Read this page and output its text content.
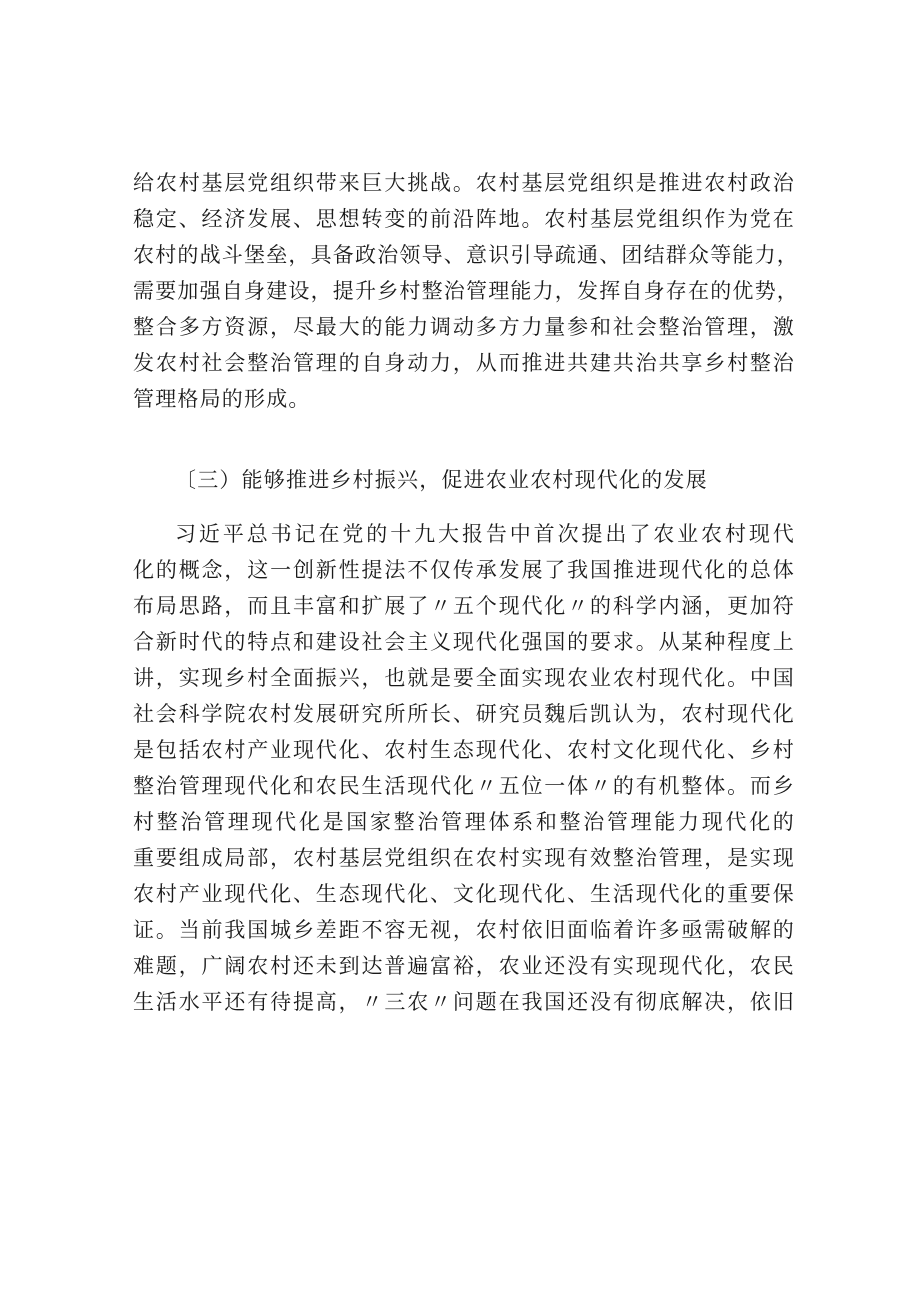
给农村基层党组织带来巨大挑战。农村基层党组织是推进农村政治
稳定、经济发展、思想转变的前沿阵地。农村基层党组织作为党在
农村的战斗堡垒，具备政治领导、意识引导疏通、团结群众等能力，
需要加强自身建设，提升乡村整治管理能力，发挥自身存在的优势，
整合多方资源，尽最大的能力调动多方力量参和社会整治管理，激
发农村社会整治管理的自身动力，从而推进共建共治共享乡村整治
管理格局的形成。
〔三）能够推进乡村振兴，促进农业农村现代化的发展
习近平总书记在党的十九大报告中首次提出了农业农村现代
化的概念，这一创新性提法不仅传承发展了我国推进现代化的总体
布局思路，而且丰富和扩展了〃五个现代化〃的科学内涵，更加符
合新时代的特点和建设社会主义现代化强国的要求。从某种程度上
讲，实现乡村全面振兴，也就是要全面实现农业农村现代化。中国
社会科学院农村发展研究所所长、研究员魏后凯认为，农村现代化
是包括农村产业现代化、农村生态现代化、农村文化现代化、乡村
整治管理现代化和农民生活现代化〃五位一体〃的有机整体。而乡
村整治管理现代化是国家整治管理体系和整治管理能力现代化的
重要组成局部，农村基层党组织在农村实现有效整治管理，是实现
农村产业现代化、生态现代化、文化现代化、生活现代化的重要保
证。当前我国城乡差距不容无视，农村依旧面临着许多亟需破解的
难题，广阔农村还未到达普遍富裕，农业还没有实现现代化，农民
生活水平还有待提高，〃三农〃问题在我国还没有彻底解决，依旧
